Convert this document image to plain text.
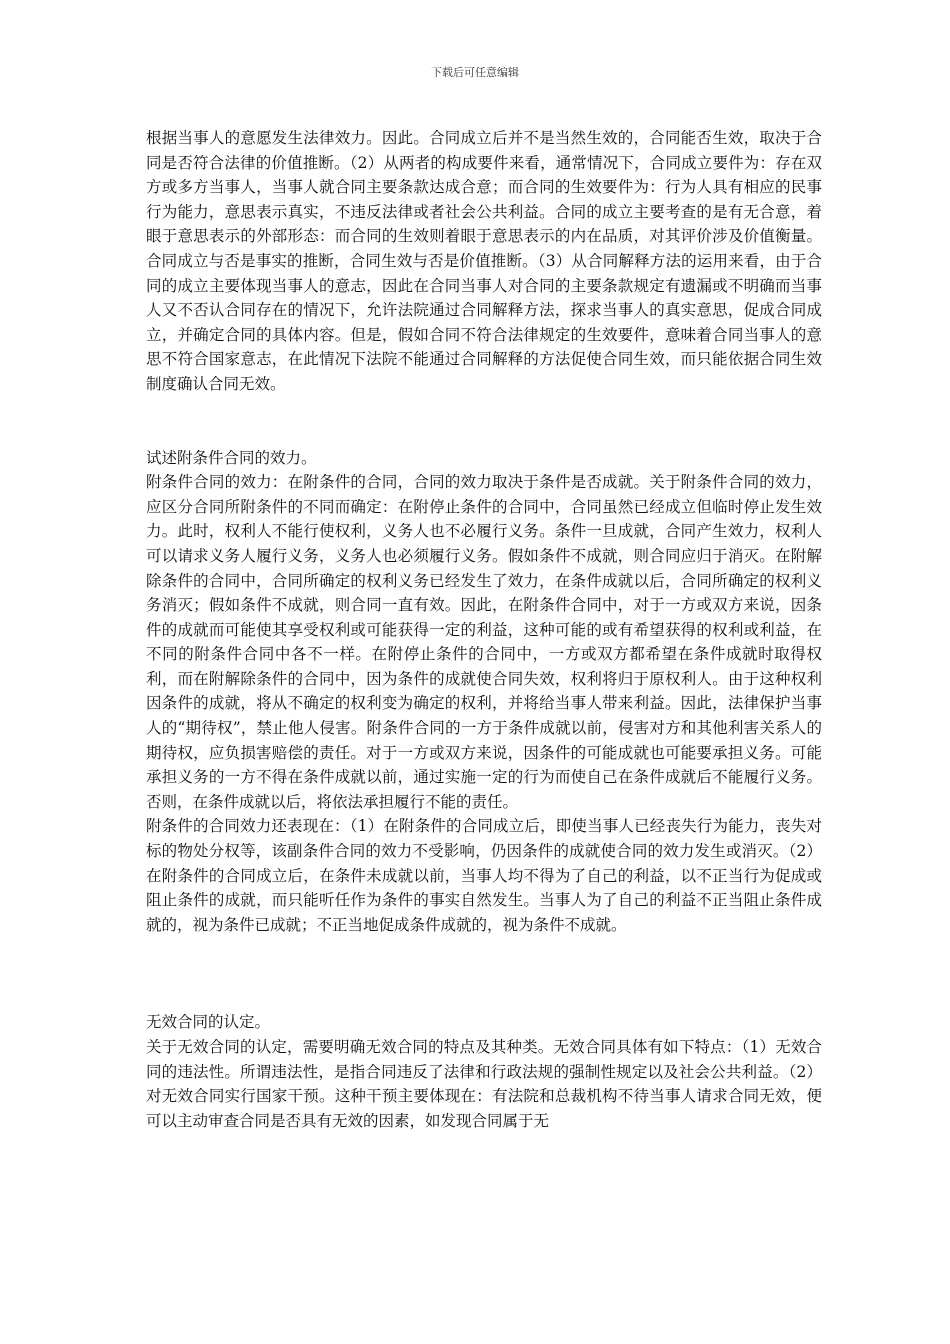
下载后可任意编辑

根据当事人的意愿发生法律效力。因此。合同成立后并不是当然生效的，合同能否生效，取决于合同是否符合法律的价值推断。（2）从两者的构成要件来看，通常情况下，合同成立要件为：存在双方或多方当事人，当事人就合同主要条款达成合意；而合同的生效要件为：行为人具有相应的民事行为能力，意思表示真实，不违反法律或者社会公共利益。合同的成立主要考查的是有无合意，着眼于意思表示的外部形态：而合同的生效则着眼于意思表示的内在品质，对其评价涉及价值衡量。合同成立与否是事实的推断，合同生效与否是价值推断。（3）从合同解释方法的运用来看，由于合同的成立主要体现当事人的意志，因此在合同当事人对合同的主要条款规定有遗漏或不明确而当事人又不否认合同存在的情况下，允许法院通过合同解释方法，探求当事人的真实意思，促成合同成立，并确定合同的具体内容。但是，假如合同不符合法律规定的生效要件，意味着合同当事人的意思不符合国家意志，在此情况下法院不能通过合同解释的方法促使合同生效，而只能依据合同生效制度确认合同无效。

试述附条件合同的效力。

附条件合同的效力：在附条件的合同，合同的效力取决于条件是否成就。关于附条件合同的效力，应区分合同所附条件的不同而确定：在附停止条件的合同中，合同虽然已经成立但临时停止发生效力。此时，权利人不能行使权利，义务人也不必履行义务。条件一旦成就，合同产生效力，权利人可以请求义务人履行义务，义务人也必须履行义务。假如条件不成就，则合同应归于消灭。在附解除条件的合同中，合同所确定的权利义务已经发生了效力，在条件成就以后，合同所确定的权利义务消灭；假如条件不成就，则合同一直有效。因此，在附条件合同中，对于一方或双方来说，因条件的成就而可能使其享受权利或可能获得一定的利益，这种可能的或有希望获得的权利或利益，在不同的附条件合同中各不一样。在附停止条件的合同中，一方或双方都希望在条件成就时取得权利，而在附解除条件的合同中，因为条件的成就使合同失效，权利将归于原权利人。由于这种权利因条件的成就，将从不确定的权利变为确定的权利，并将给当事人带来利益。因此，法律保护当事人的“期待权”，禁止他人侵害。附条件合同的一方于条件成就以前，侵害对方和其他利害关系人的期待权，应负损害赔偿的责任。对于一方或双方来说，因条件的可能成就也可能要承担义务。可能承担义务的一方不得在条件成就以前，通过实施一定的行为而使自己在条件成就后不能履行义务。否则，在条件成就以后，将依法承担履行不能的责任。

附条件的合同效力还表现在：（1）在附条件的合同成立后，即使当事人已经丧失行为能力，丧失对标的物处分权等，该副条件合同的效力不受影响，仍因条件的成就使合同的效力发生或消灭。（2）在附条件的合同成立后，在条件未成就以前，当事人均不得为了自己的利益，以不正当行为促成或阻止条件的成就，而只能听任作为条件的事实自然发生。当事人为了自己的利益不正当阻止条件成就的，视为条件已成就；不正当地促成条件成就的，视为条件不成就。

无效合同的认定。

关于无效合同的认定，需要明确无效合同的特点及其种类。无效合同具体有如下特点：（1）无效合同的违法性。所谓违法性，是指合同违反了法律和行政法规的强制性规定以及社会公共利益。（2）对无效合同实行国家干预。这种干预主要体现在：有法院和总裁机构不待当事人请求合同无效，便可以主动审查合同是否具有无效的因素，如发现合同属于无
